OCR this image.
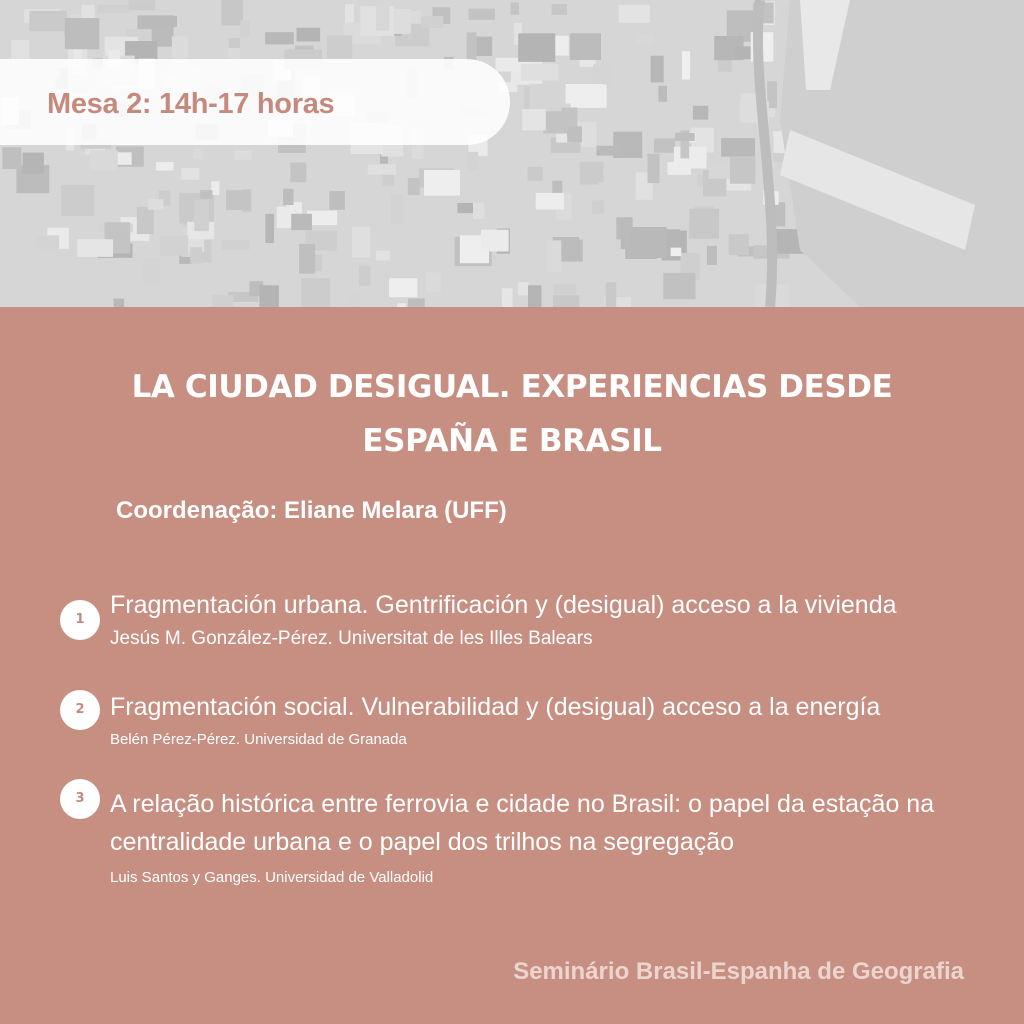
Mesa 2: 14h-17 horas
LA CIUDAD DESIGUAL. EXPERIENCIAS DESDE
ESPAÑA E BRASIL
Coordenação: Eliane Melara (UFF)
1
Fragmentación urbana. Gentrificación y (desigual) acceso a la vivienda
Jesús M. González-Pérez. Universitat de les Illes Balears
2	Fragmentación social. Vulnerabilidad y (desigual) acceso a la energía
Belén Pérez-Pérez. Universidad de Granada
3	A relação histórica entre ferrovia e cidade no Brasil: o papel da estação na
centralidade urbana e o papel dos trilhos na segregação
Luis Santos y Ganges. Universidad de Valladolid
Seminário Brasil-Espanha de Geografia
